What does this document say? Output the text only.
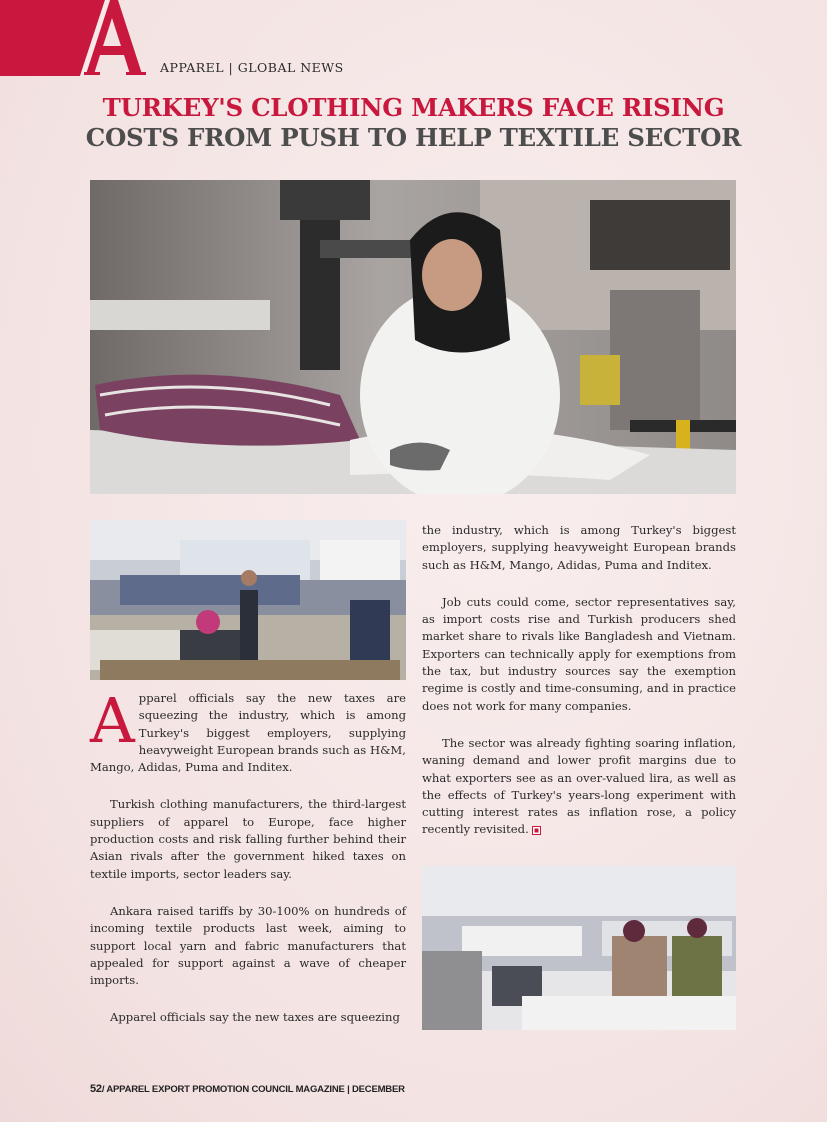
APPAREL | GLOBAL NEWS
TURKEY'S CLOTHING MAKERS FACE RISING
COSTS FROM PUSH TO HELP TEXTILE SECTOR

Apparel officials say the new taxes are squeezing the industry, which is among Turkey's biggest employers, supplying heavyweight European brands such as H&M, Mango, Adidas, Puma and Inditex.

Turkish clothing manufacturers, the third-largest suppliers of apparel to Europe, face higher production costs and risk falling further behind their Asian rivals after the government hiked taxes on textile imports, sector leaders say.

Ankara raised tariffs by 30-100% on hundreds of incoming textile products last week, aiming to support local yarn and fabric manufacturers that appealed for support against a wave of cheaper imports.

Apparel officials say the new taxes are squeezing

the industry, which is among Turkey's biggest employers, supplying heavyweight European brands such as H&M, Mango, Adidas, Puma and Inditex.

Job cuts could come, sector representatives say, as import costs rise and Turkish producers shed market share to rivals like Bangladesh and Vietnam. Exporters can technically apply for exemptions from the tax, but industry sources say the exemption regime is costly and time-consuming, and in practice does not work for many companies.

The sector was already fighting soaring inflation, waning demand and lower profit margins due to what exporters see as an over-valued lira, as well as the effects of Turkey's years-long experiment with cutting interest rates as inflation rose, a policy recently revisited.

52/ APPAREL EXPORT PROMOTION COUNCIL MAGAZINE | DECEMBER
